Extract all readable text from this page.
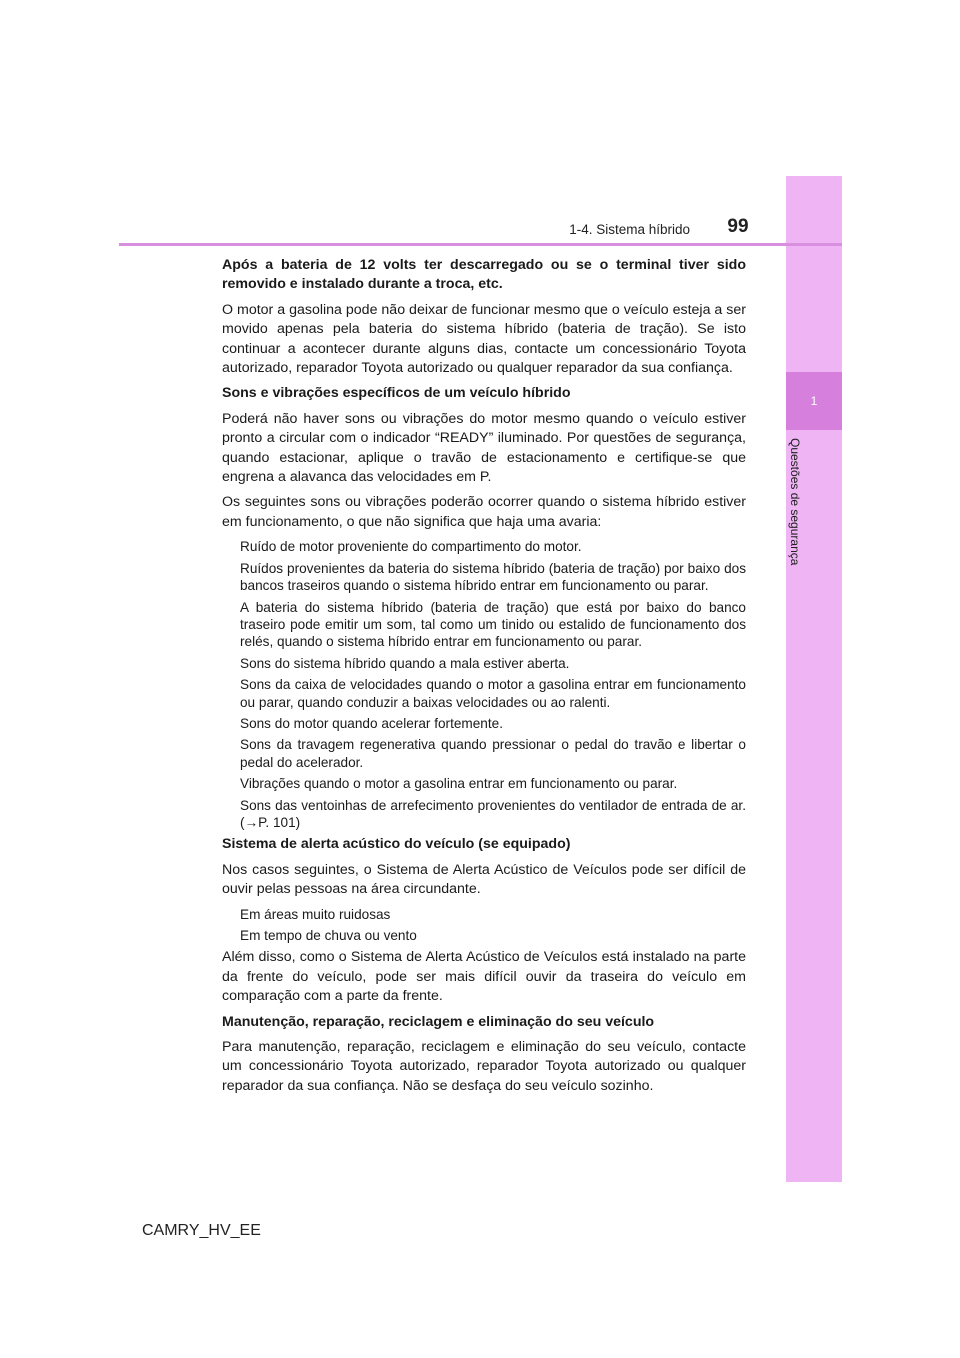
1
Questões de segurança
1-4. Sistema híbrido	99

Após a bateria de 12 volts ter descarregado ou se o terminal tiver sido removido e instalado durante a troca, etc.

O motor a gasolina pode não deixar de funcionar mesmo que o veículo esteja a ser movido apenas pela bateria do sistema híbrido (bateria de tração). Se isto continuar a acontecer durante alguns dias, contacte um concessionário Toyota autorizado, reparador Toyota autorizado ou qualquer reparador da sua confiança.

Sons e vibrações específicos de um veículo híbrido

Poderá não haver sons ou vibrações do motor mesmo quando o veículo estiver pronto a circular com o indicador “READY” iluminado. Por questões de segurança, quando estacionar, aplique o travão de estacionamento e certifique-se que engrena a alavanca das velocidades em P.

Os seguintes sons ou vibrações poderão ocorrer quando o sistema híbrido estiver em funcionamento, o que não significa que haja uma avaria:

Ruído de motor proveniente do compartimento do motor.

Ruídos provenientes da bateria do sistema híbrido (bateria de tração) por baixo dos bancos traseiros quando o sistema híbrido entrar em funcionamento ou parar.

A bateria do sistema híbrido (bateria de tração) que está por baixo do banco traseiro pode emitir um som, tal como um tinido ou estalido de funcionamento dos relés, quando o sistema híbrido entrar em funcionamento ou parar.

Sons do sistema híbrido quando a mala estiver aberta.

Sons da caixa de velocidades quando o motor a gasolina entrar em funcionamento ou parar, quando conduzir a baixas velocidades ou ao ralenti.

Sons do motor quando acelerar fortemente.

Sons da travagem regenerativa quando pressionar o pedal do travão e libertar o pedal do acelerador.

Vibrações quando o motor a gasolina entrar em funcionamento ou parar.

Sons das ventoinhas de arrefecimento provenientes do ventilador de entrada de ar. (→P. 101)

Sistema de alerta acústico do veículo (se equipado)

Nos casos seguintes, o Sistema de Alerta Acústico de Veículos pode ser difícil de ouvir pelas pessoas na área circundante.

Em áreas muito ruidosas

Em tempo de chuva ou vento

Além disso, como o Sistema de Alerta Acústico de Veículos está instalado na parte da frente do veículo, pode ser mais difícil ouvir da traseira do veículo em comparação com a parte da frente.

Manutenção, reparação, reciclagem e eliminação do seu veículo

Para manutenção, reparação, reciclagem e eliminação do seu veículo, contacte um concessionário Toyota autorizado, reparador Toyota autorizado ou qualquer reparador da sua confiança. Não se desfaça do seu veículo sozinho.

CAMRY_HV_EE
